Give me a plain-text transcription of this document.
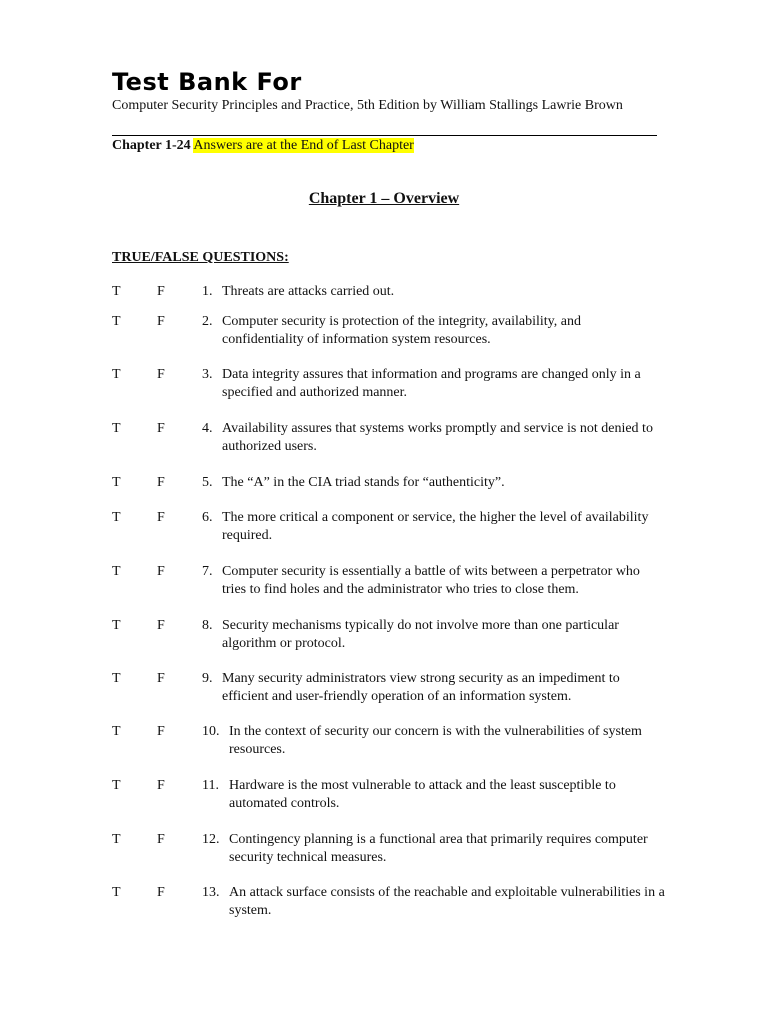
Test Bank For
Computer Security Principles and Practice, 5th Edition by William Stallings Lawrie Brown
Chapter 1-24 Answers are at the End of Last Chapter
Chapter 1 – Overview
TRUE/FALSE QUESTIONS:
T	F	1. Threats are attacks carried out.
T	F	2. Computer security is protection of the integrity, availability, and confidentiality of information system resources.
T	F	3. Data integrity assures that information and programs are changed only in a specified and authorized manner.
T	F	4. Availability assures that systems works promptly and service is not denied to authorized users.
T	F	5. The “A” in the CIA triad stands for “authenticity”.
T	F	6. The more critical a component or service, the higher the level of availability required.
T	F	7. Computer security is essentially a battle of wits between a perpetrator who tries to find holes and the administrator who tries to close them.
T	F	8. Security mechanisms typically do not involve more than one particular algorithm or protocol.
T	F	9. Many security administrators view strong security as an impediment to efficient and user-friendly operation of an information system.
T	F	10. In the context of security our concern is with the vulnerabilities of system resources.
T	F	11. Hardware is the most vulnerable to attack and the least susceptible to automated controls.
T	F	12. Contingency planning is a functional area that primarily requires computer security technical measures.
T	F	13. An attack surface consists of the reachable and exploitable vulnerabilities in a system.
